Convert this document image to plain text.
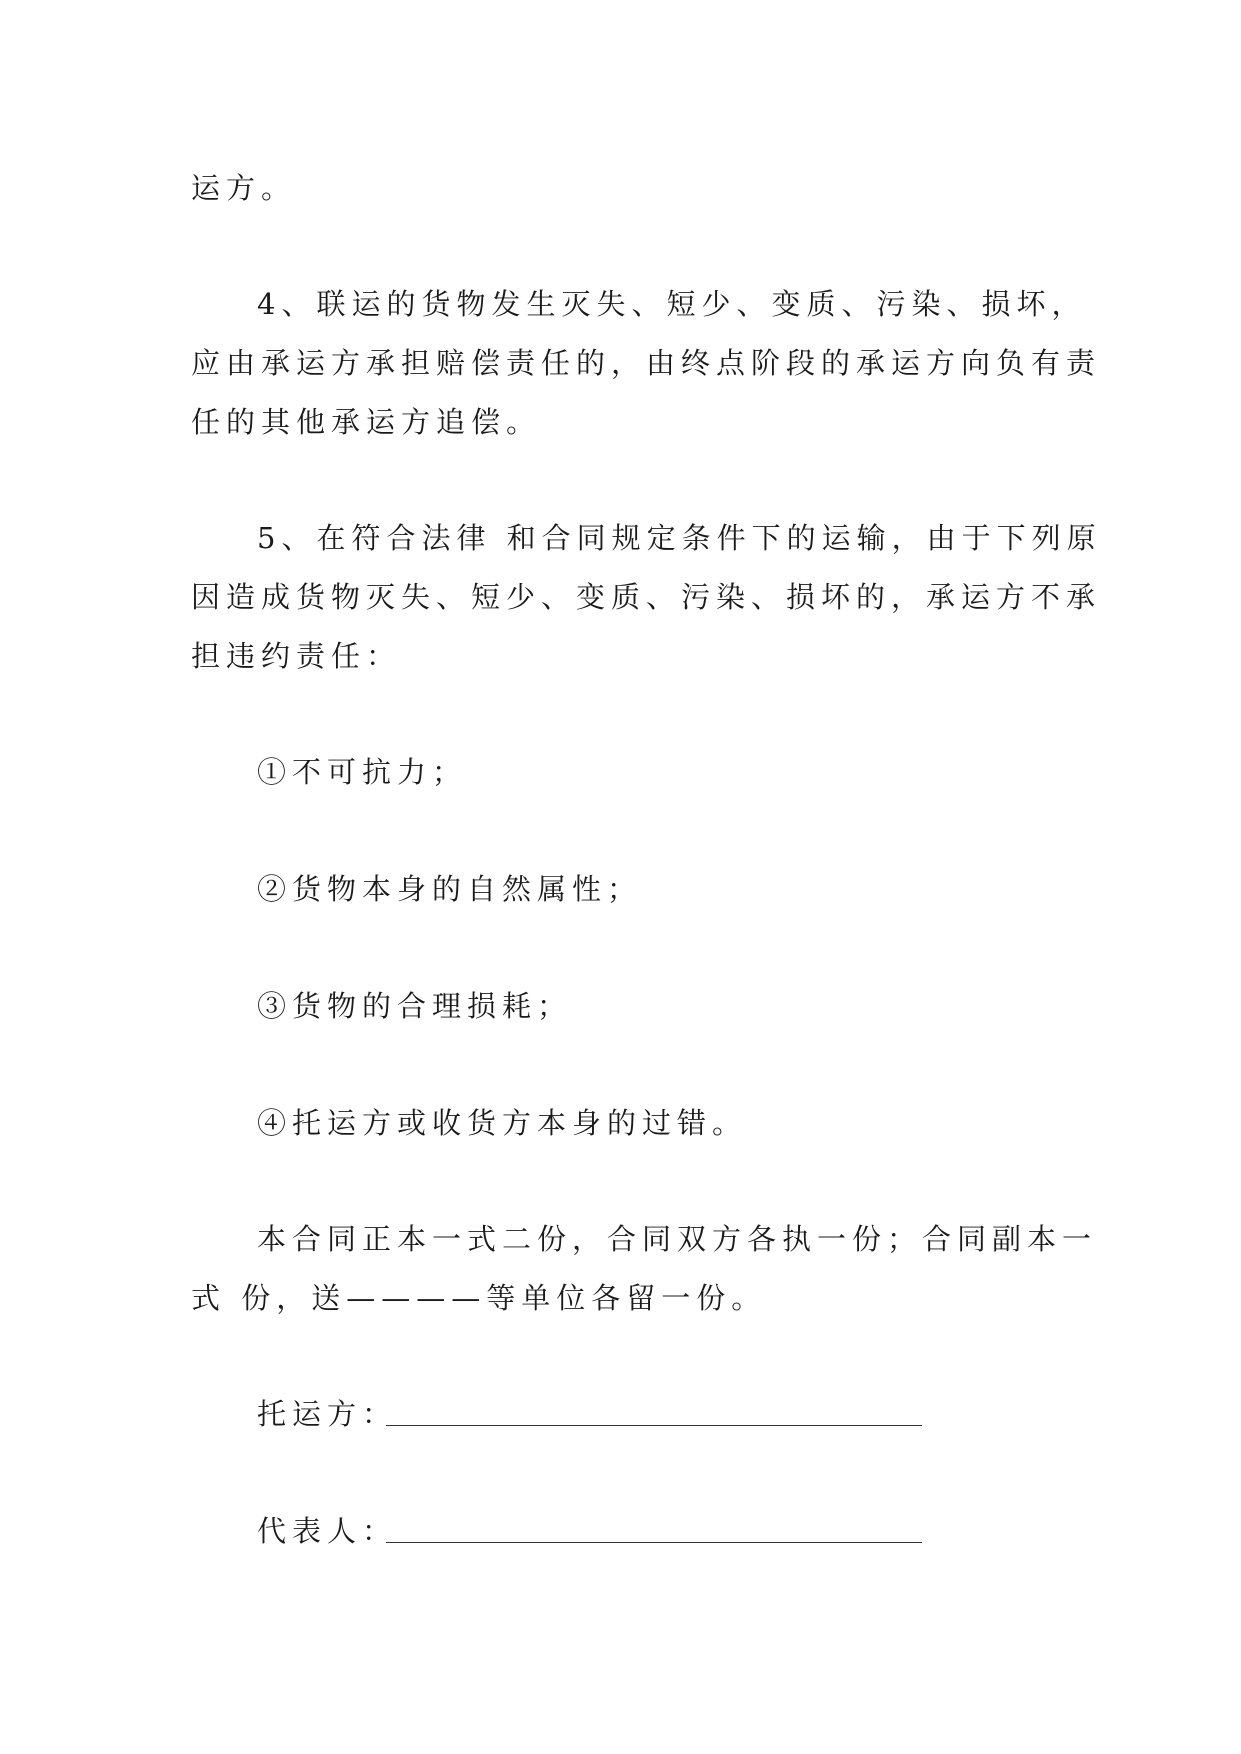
运方。
4、联运的货物发生灭失、短少、变质、污染、损坏，
应由承运方承担赔偿责任的，由终点阶段的承运方向负有责
任的其他承运方追偿。
5、在符合法律 和合同规定条件下的运输，由于下列原
因造成货物灭失、短少、变质、污染、损坏的，承运方不承
担违约责任：
①不可抗力；
②货物本身的自然属性；
③货物的合理损耗；
④托运方或收货方本身的过错。
本合同正本一式二份，合同双方各执一份；合同副本一
式 份，送————等单位各留一份。
托运方：
代表人：
